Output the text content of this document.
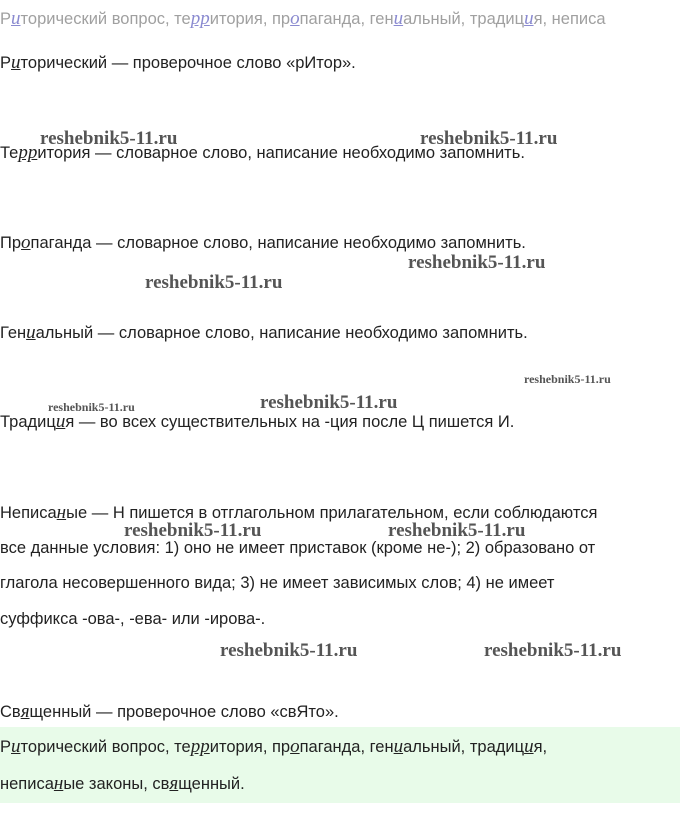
Риторический вопрос, территория, пропаганда, гениальный, традиция, неписа
Риторический — проверочное слово «рИтор».
Территория — словарное слово, написание необходимо запомнить.
Пропаганда — словарное слово, написание необходимо запомнить.
Гениальный — словарное слово, написание необходимо запомнить.
Традиция — во всех существительных на -ция после Ц пишется И.
Неписаные — Н пишется в отглагольном прилагательном, если соблюдаются
все данные условия: 1) оно не имеет приставок (кроме не-); 2) образовано от
глагола несовершенного вида; 3) не имеет зависимых слов; 4) не имеет
суффикса -ова-, -ева- или -ирова-.
Священный — проверочное слово «свЯто».
Риторический вопрос, территория, пропаганда, гениальный, традиция,
неписаные законы, священный.
reshebnik5-11.ru	reshebnik5-11.ru
reshebnik5-11.ru
reshebnik5-11.ru
reshebnik5-11.ru
reshebnik5-11.ru
reshebnik5-11.ru
reshebnik5-11.ru	reshebnik5-11.ru
reshebnik5-11.ru	reshebnik5-11.ru
